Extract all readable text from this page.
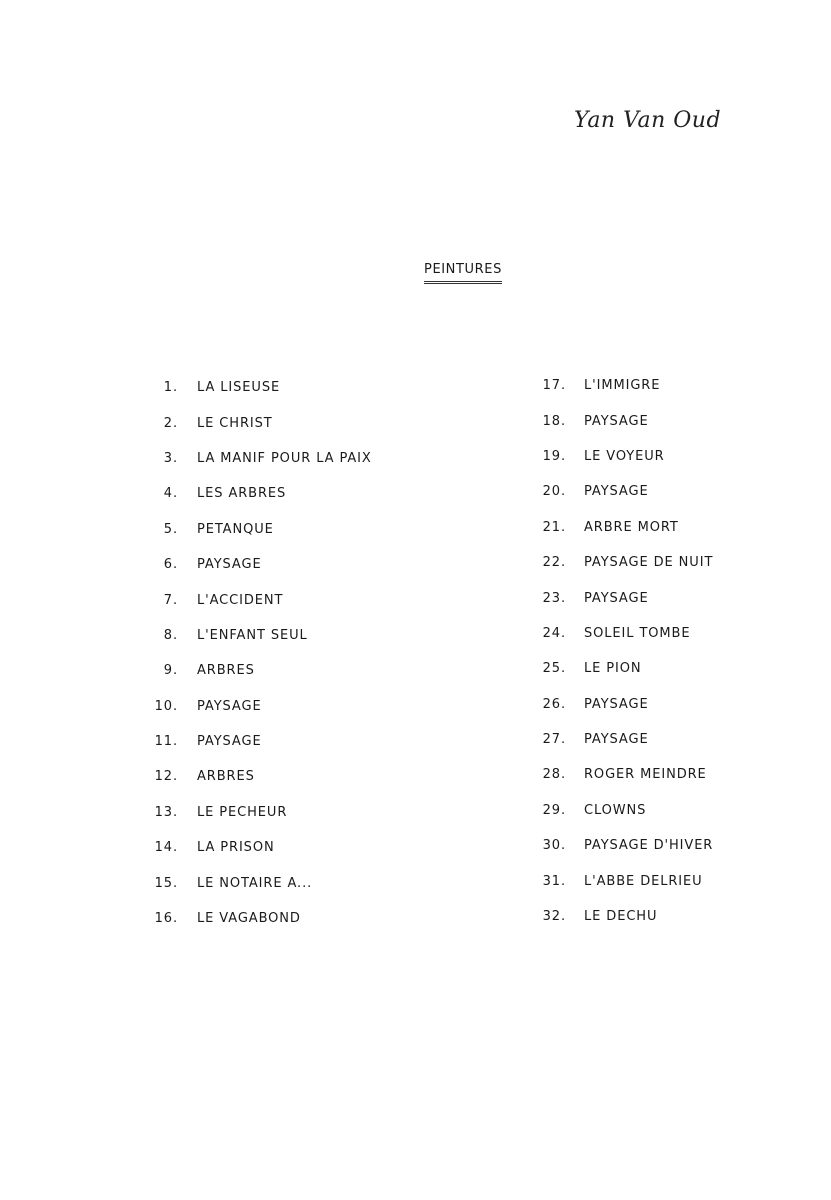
Yan Van Oud
PEINTURES
1. LA LISEUSE
2. LE CHRIST
3. LA MANIF POUR LA PAIX
4. LES ARBRES
5. PETANQUE
6. PAYSAGE
7. L'ACCIDENT
8. L'ENFANT SEUL
9. ARBRES
10. PAYSAGE
11. PAYSAGE
12. ARBRES
13. LE PECHEUR
14. LA PRISON
15. LE NOTAIRE A...
16. LE VAGABOND
17. L'IMMIGRE
18. PAYSAGE
19. LE VOYEUR
20. PAYSAGE
21. ARBRE MORT
22. PAYSAGE DE NUIT
23. PAYSAGE
24. SOLEIL TOMBE
25. LE PION
26. PAYSAGE
27. PAYSAGE
28. ROGER MEINDRE
29. CLOWNS
30. PAYSAGE D'HIVER
31. L'ABBE DELRIEU
32. LE DECHU
